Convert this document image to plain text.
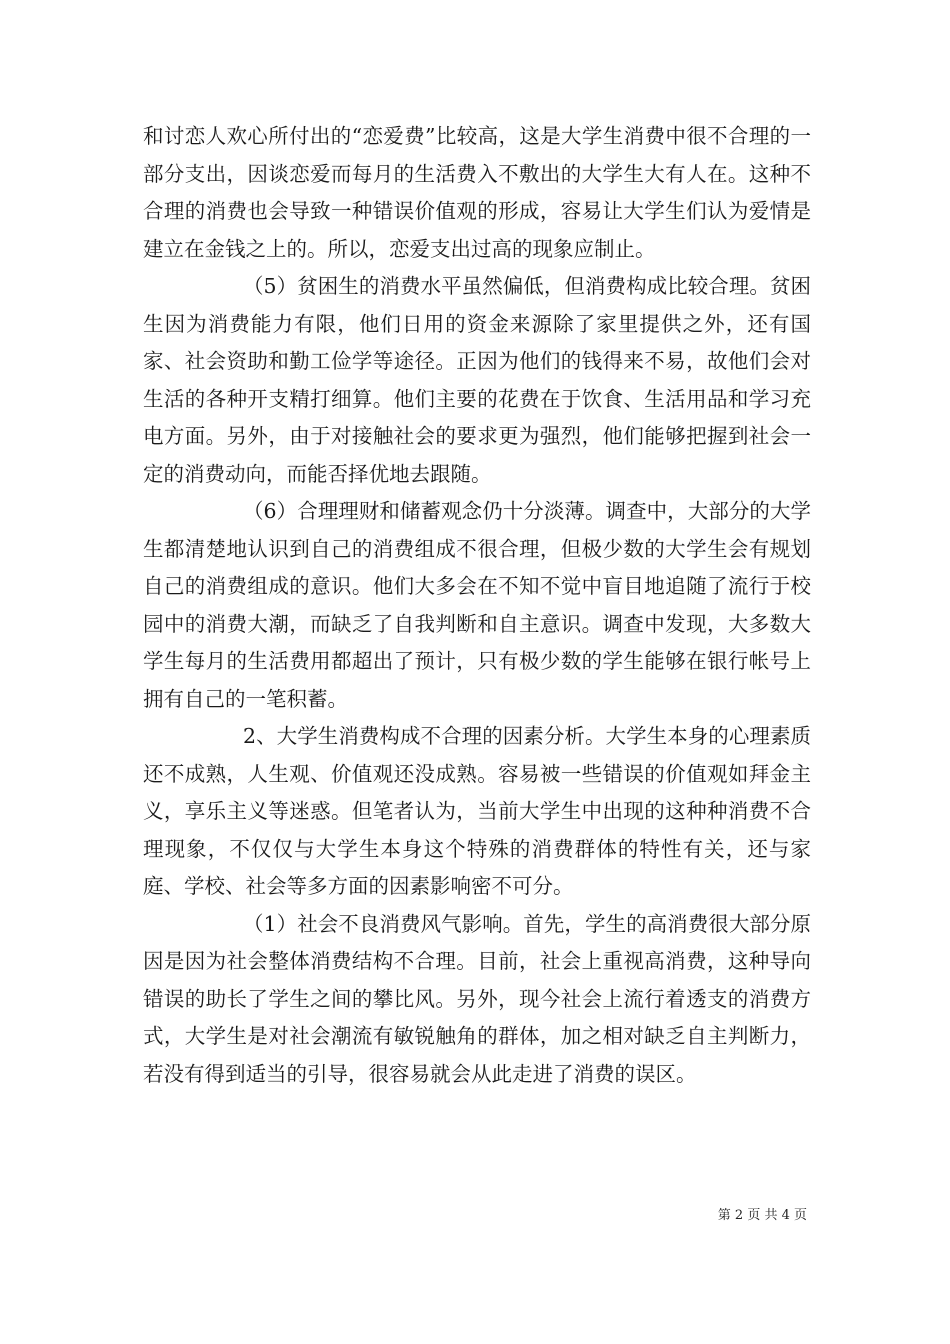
和讨恋人欢心所付出的“恋爱费”比较高，这是大学生消费中很不合理的一部分支出，因谈恋爱而每月的生活费入不敷出的大学生大有人在。这种不合理的消费也会导致一种错误价值观的形成，容易让大学生们认为爱情是建立在金钱之上的。所以，恋爱支出过高的现象应制止。

（5）贫困生的消费水平虽然偏低，但消费构成比较合理。贫困生因为消费能力有限，他们日用的资金来源除了家里提供之外，还有国家、社会资助和勤工俭学等途径。正因为他们的钱得来不易，故他们会对生活的各种开支精打细算。他们主要的花费在于饮食、生活用品和学习充电方面。另外，由于对接触社会的要求更为强烈，他们能够把握到社会一定的消费动向，而能否择优地去跟随。

（6）合理理财和储蓄观念仍十分淡薄。调查中，大部分的大学生都清楚地认识到自己的消费组成不很合理，但极少数的大学生会有规划自己的消费组成的意识。他们大多会在不知不觉中盲目地追随了流行于校园中的消费大潮，而缺乏了自我判断和自主意识。调查中发现，大多数大学生每月的生活费用都超出了预计，只有极少数的学生能够在银行帐号上拥有自己的一笔积蓄。

2、大学生消费构成不合理的因素分析。大学生本身的心理素质还不成熟，人生观、价值观还没成熟。容易被一些错误的价值观如拜金主义，享乐主义等迷惑。但笔者认为，当前大学生中出现的这种种消费不合理现象，不仅仅与大学生本身这个特殊的消费群体的特性有关，还与家庭、学校、社会等多方面的因素影响密不可分。

（1）社会不良消费风气影响。首先，学生的高消费很大部分原因是因为社会整体消费结构不合理。目前，社会上重视高消费，这种导向错误的助长了学生之间的攀比风。另外，现今社会上流行着透支的消费方式，大学生是对社会潮流有敏锐触角的群体，加之相对缺乏自主判断力，若没有得到适当的引导，很容易就会从此走进了消费的误区。

第 2 页 共 4 页
